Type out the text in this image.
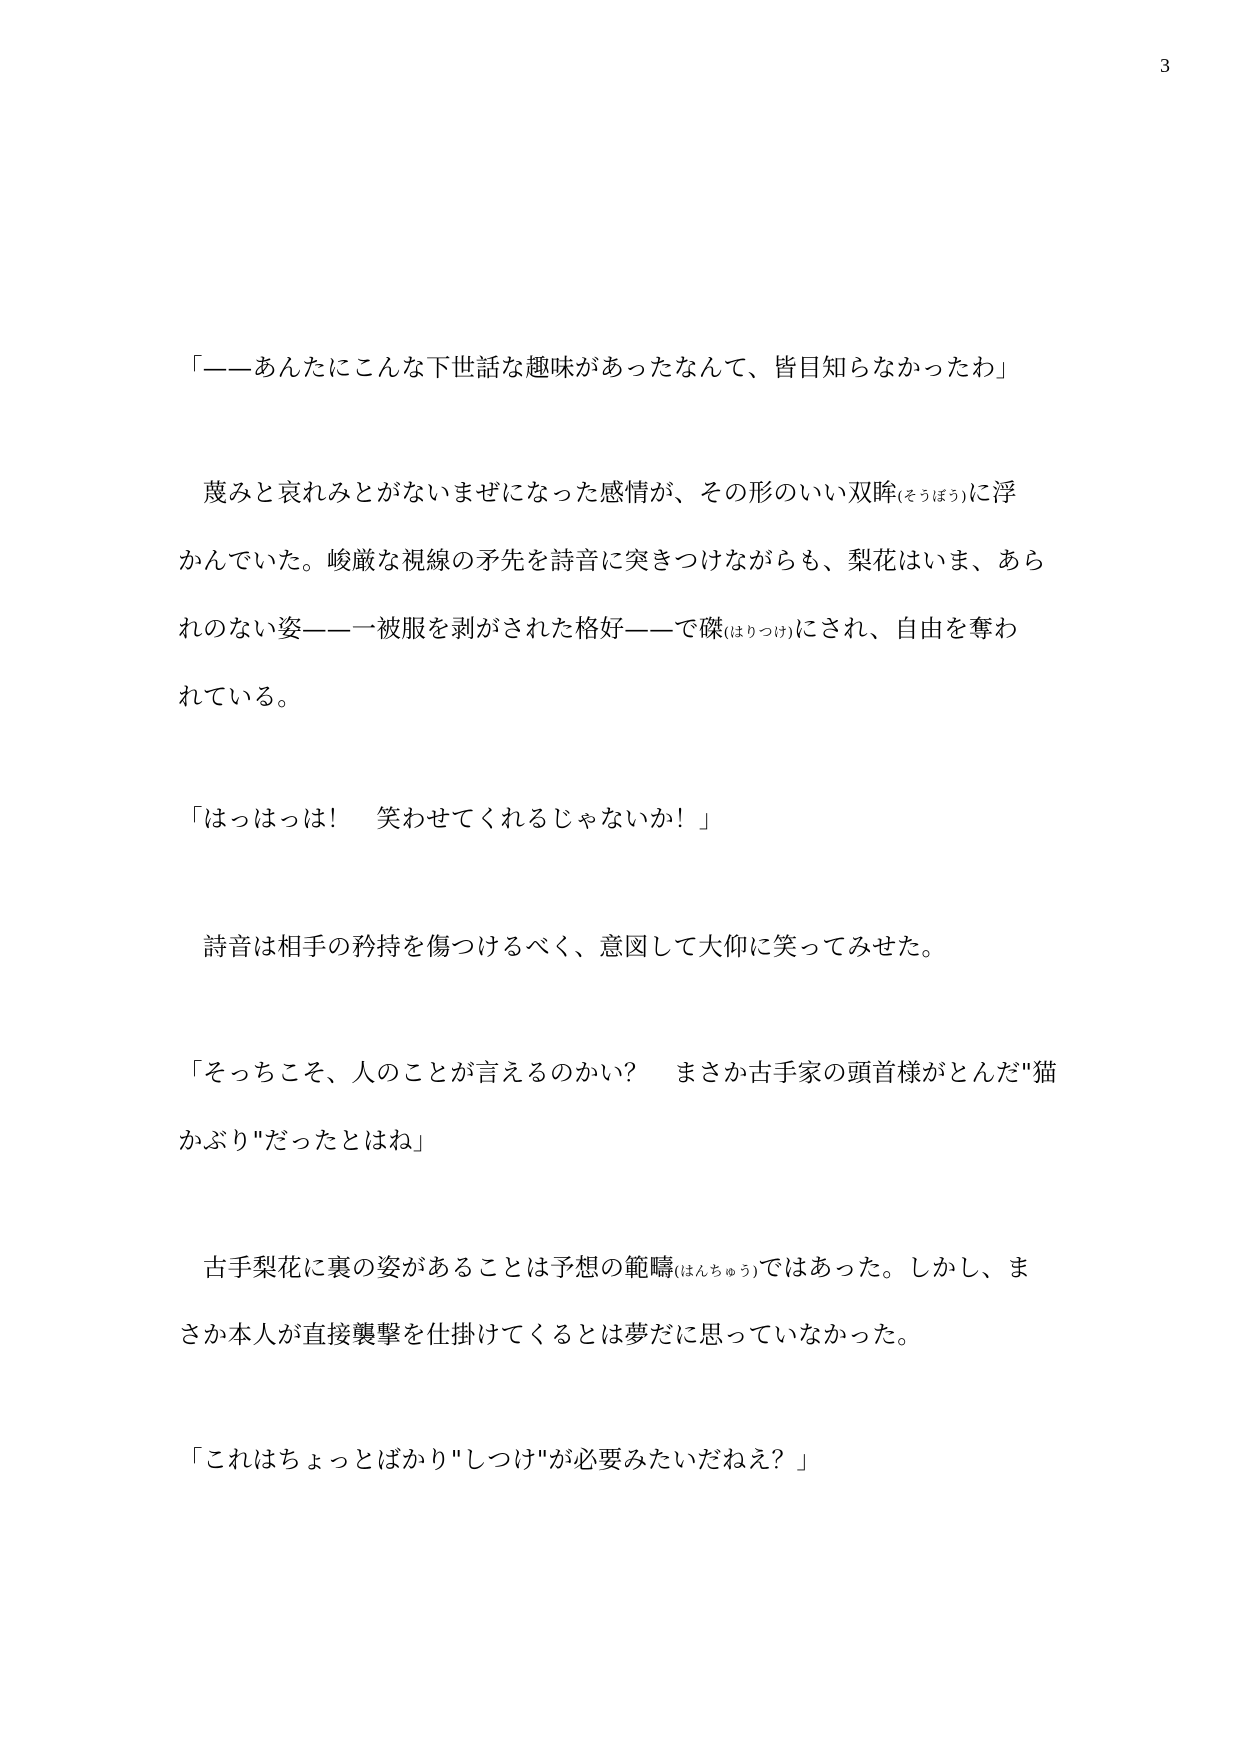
3
「——あんたにこんな下世話な趣味があったなんて、皆目知らなかったわ」
　蔑みと哀れみとがないまぜになった感情が、その形のいい双眸(そうぼう)に浮
かんでいた。峻厳な視線の矛先を詩音に突きつけながらも、梨花はいま、あら
れのない姿——一被服を剥がされた格好——で磔(はりつけ)にされ、自由を奪わ
れている。
「はっはっは！　笑わせてくれるじゃないか！」
　詩音は相手の矜持を傷つけるべく、意図して大仰に笑ってみせた。
「そっちこそ、人のことが言えるのかい？　まさか古手家の頭首様がとんだ"猫
かぶり"だったとはね」
　古手梨花に裏の姿があることは予想の範疇(はんちゅう)ではあった。しかし、ま
さか本人が直接襲撃を仕掛けてくるとは夢だに思っていなかった。
「これはちょっとばかり"しつけ"が必要みたいだねえ？」
